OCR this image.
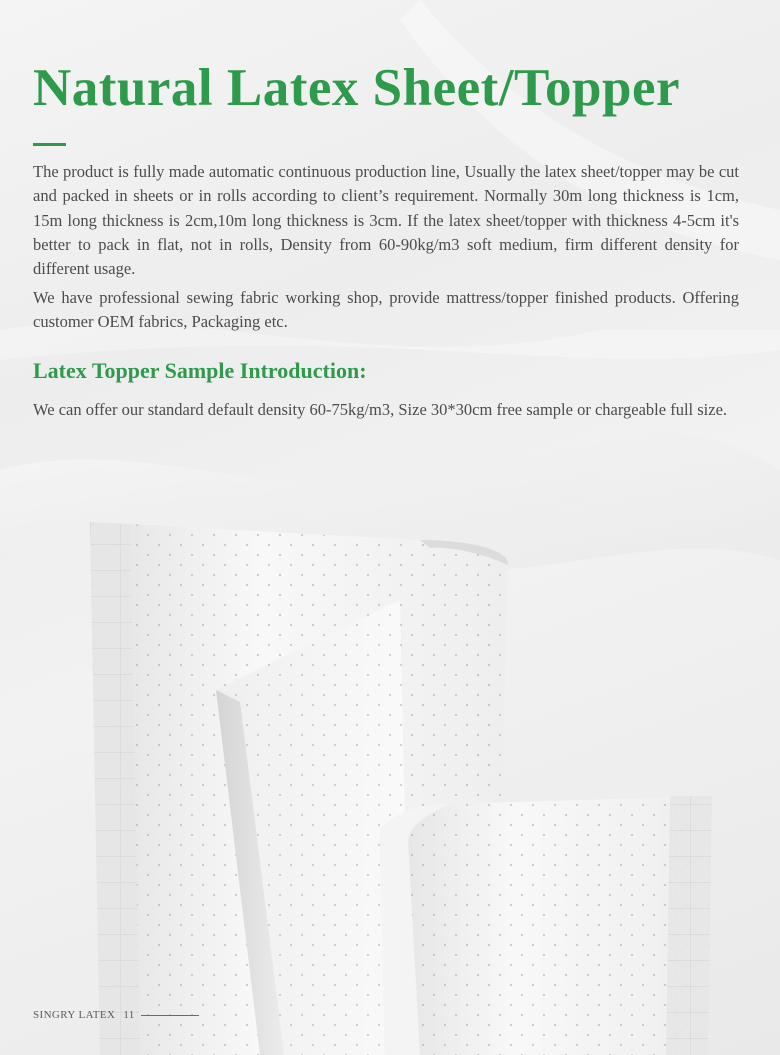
Natural Latex Sheet/Topper

The product is fully made automatic continuous production line, Usually the latex sheet/topper may be cut and packed in sheets or in rolls according to client’s requirement. Normally 30m long thickness is 1cm, 15m long thickness is 2cm,10m long thickness is 3cm. If the latex sheet/topper with thickness 4-5cm it's better to pack in flat, not in rolls, Density from 60-90kg/m3 soft medium, firm different density for different usage.

We have professional sewing fabric working shop, provide mattress/topper finished products. Offering customer OEM fabrics, Packaging etc.

Latex Topper Sample Introduction:

We can offer our standard default density 60-75kg/m3, Size 30*30cm free sample or chargeable full size.

SINGRY LATEX 11
